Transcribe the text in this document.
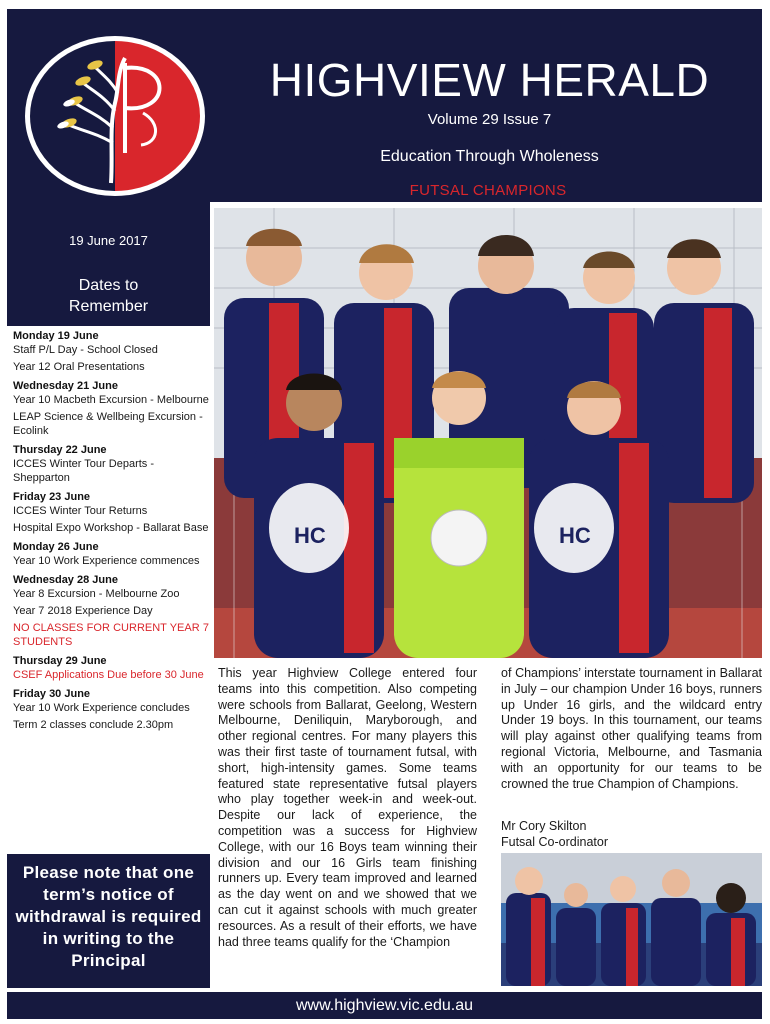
HIGHVIEW HERALD
Volume 29 Issue 7
Education Through Wholeness
19 June 2017
Dates to
Remember
Monday 19 June
Staff P/L Day - School Closed
Year 12 Oral Presentations
Wednesday 21 June
Year 10 Macbeth Excursion - Melbourne
LEAP Science & Wellbeing Excursion - Ecolink
Thursday 22 June
ICCES Winter Tour Departs - Shepparton
Friday 23 June
ICCES Winter Tour Returns
Hospital Expo Workshop - Ballarat Base
Monday 26 June
Year 10 Work Experience commences
Wednesday 28 June
Year 8 Excursion - Melbourne Zoo
Year 7 2018 Experience Day
NO CLASSES FOR CURRENT YEAR 7 STUDENTS
Thursday 29 June
CSEF Applications Due before 30 June
Friday 30 June
Year 10 Work Experience concludes
Term 2 classes conclude 2.30pm
Please note that one term’s notice of withdrawal is required in writing to the Principal
FUTSAL CHAMPIONS
HC	HC
This year Highview College entered four teams into this competition. Also competing were schools from Ballarat, Geelong, Western Melbourne, Deniliquin, Maryborough, and other regional centres. For many players this was their first taste of tournament futsal, with short, high-intensity games. Some teams featured state representative futsal players who play together week-in and week-out. Despite our lack of experience, the competition was a success for Highview College, with our 16 Boys team winning their division and our 16 Girls team finishing runners up. Every team improved and learned as the day went on and we showed that we can cut it against schools with much greater resources. As a result of their efforts, we have had three teams qualify for the ‘Champion
of Champions’ interstate tournament in Ballarat in July – our champion Under 16 boys, runners up Under 16 girls, and the wildcard entry Under 19 boys. In this tournament, our teams will play against other qualifying teams from regional Victoria, Melbourne, and Tasmania with an opportunity for our teams to be crowned the true Champion of Champions.
Mr Cory Skilton
Futsal Co-ordinator
www.highview.vic.edu.au
